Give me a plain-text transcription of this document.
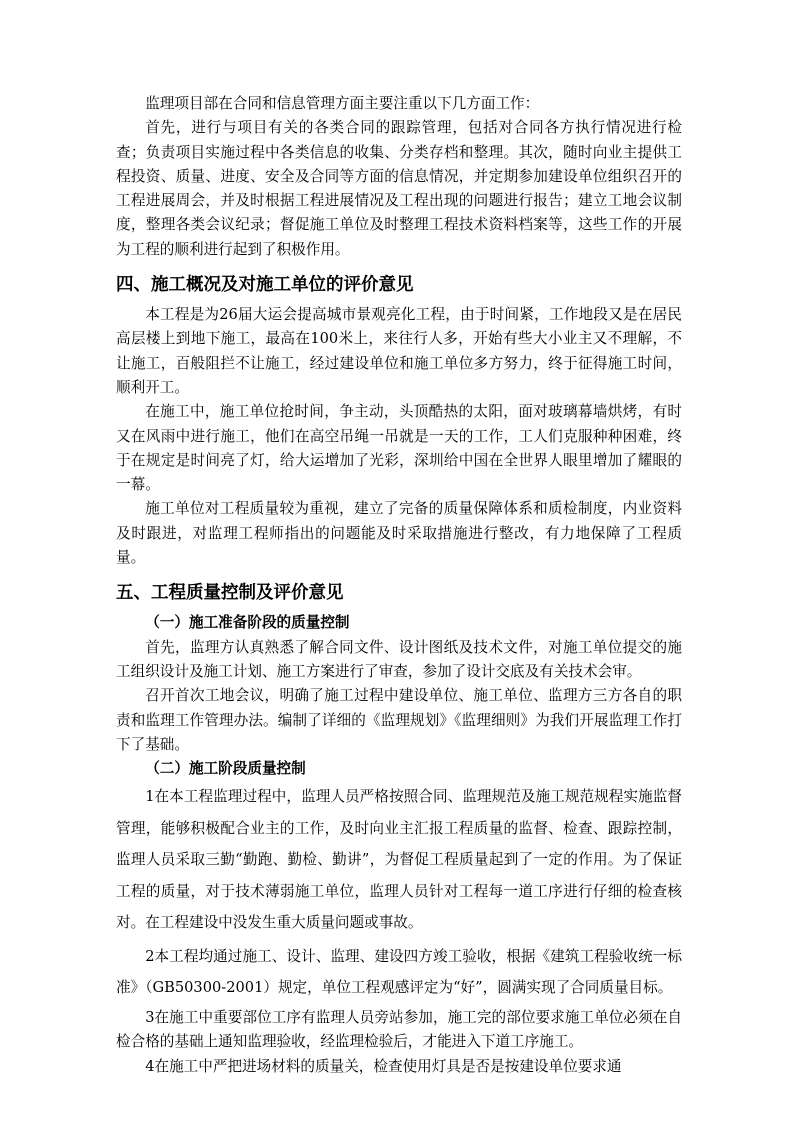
监理项目部在合同和信息管理方面主要注重以下几方面工作：

首先，进行与项目有关的各类合同的跟踪管理，包括对合同各方执行情况进行检查；负责项目实施过程中各类信息的收集、分类存档和整理。其次，随时向业主提供工程投资、质量、进度、安全及合同等方面的信息情况，并定期参加建设单位组织召开的工程进展周会，并及时根据工程进展情况及工程出现的问题进行报告；建立工地会议制度，整理各类会议纪录；督促施工单位及时整理工程技术资料档案等，这些工作的开展为工程的顺利进行起到了积极作用。

四、施工概况及对施工单位的评价意见

本工程是为26届大运会提高城市景观亮化工程，由于时间紧，工作地段又是在居民高层楼上到地下施工，最高在100米上，来往行人多，开始有些大小业主又不理解，不让施工，百般阻拦不让施工，经过建设单位和施工单位多方努力，终于征得施工时间，顺利开工。

在施工中，施工单位抢时间，争主动，头顶酷热的太阳，面对玻璃幕墙烘烤，有时又在风雨中进行施工，他们在高空吊绳一吊就是一天的工作，工人们克服种种困难，终于在规定是时间亮了灯，给大运增加了光彩，深圳给中国在全世界人眼里增加了耀眼的一幕。

施工单位对工程质量较为重视，建立了完备的质量保障体系和质检制度，内业资料及时跟进，对监理工程师指出的问题能及时采取措施进行整改，有力地保障了工程质量。

五、工程质量控制及评价意见
（一）施工准备阶段的质量控制

首先，监理方认真熟悉了解合同文件、设计图纸及技术文件，对施工单位提交的施工组织设计及施工计划、施工方案进行了审查，参加了设计交底及有关技术会审。

召开首次工地会议，明确了施工过程中建设单位、施工单位、监理方三方各自的职责和监理工作管理办法。编制了详细的《监理规划》《监理细则》为我们开展监理工作打下了基础。

（二）施工阶段质量控制

1在本工程监理过程中，监理人员严格按照合同、监理规范及施工规范规程实施监督管理，能够积极配合业主的工作，及时向业主汇报工程质量的监督、检查、跟踪控制，监理人员采取三勤“勤跑、勤检、勤讲”，为督促工程质量起到了一定的作用。为了保证工程的质量，对于技术薄弱施工单位，监理人员针对工程每一道工序进行仔细的检查核对。在工程建设中没发生重大质量问题或事故。

2本工程均通过施工、设计、监理、建设四方竣工验收，根据《建筑工程验收统一标准》（GB50300-2001）规定，单位工程观感评定为“好”，圆满实现了合同质量目标。

3在施工中重要部位工序有监理人员旁站参加，施工完的部位要求施工单位必须在自检合格的基础上通知监理验收，经监理检验后，才能进入下道工序施工。

4在施工中严把进场材料的质量关，检查使用灯具是否是按建设单位要求通
